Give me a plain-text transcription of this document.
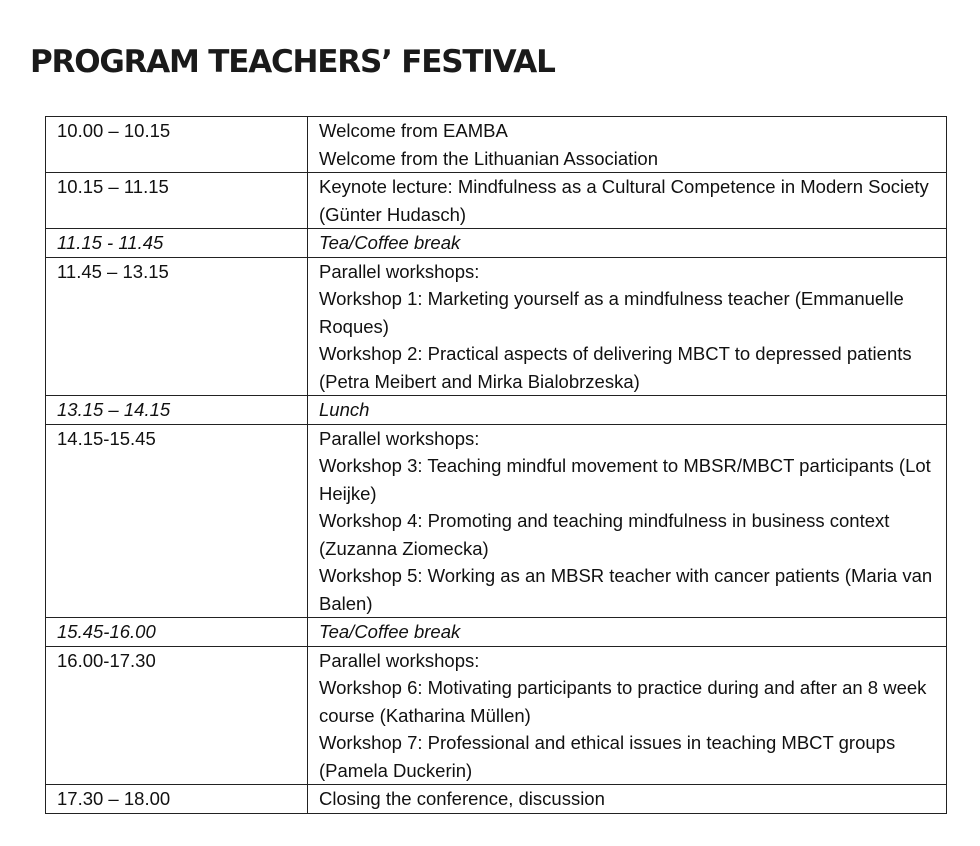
PROGRAM TEACHERS’ FESTIVAL
10.00 – 10.15	Welcome from EAMBA
Welcome from the Lithuanian Association

10.15 – 11.15	Keynote lecture: Mindfulness as a Cultural Competence in Modern Society (Günter Hudasch)

11.15 - 11.45	Tea/Coffee break

11.45 – 13.15	Parallel workshops:
Workshop 1: Marketing yourself as a mindfulness teacher (Emmanuelle Roques)
Workshop 2: Practical aspects of delivering MBCT to depressed patients (Petra Meibert and Mirka Bialobrzeska)

13.15 – 14.15	Lunch

14.15-15.45	Parallel workshops:
Workshop 3: Teaching mindful movement to MBSR/MBCT participants (Lot Heijke)
Workshop 4: Promoting and teaching mindfulness in business context (Zuzanna Ziomecka)
Workshop 5: Working as an MBSR teacher with cancer patients (Maria van Balen)

15.45-16.00	Tea/Coffee break

16.00-17.30	Parallel workshops:
Workshop 6: Motivating participants to practice during and after an 8 week course (Katharina Müllen)
Workshop 7: Professional and ethical issues in teaching MBCT groups (Pamela Duckerin)

17.30 – 18.00	Closing the conference, discussion
